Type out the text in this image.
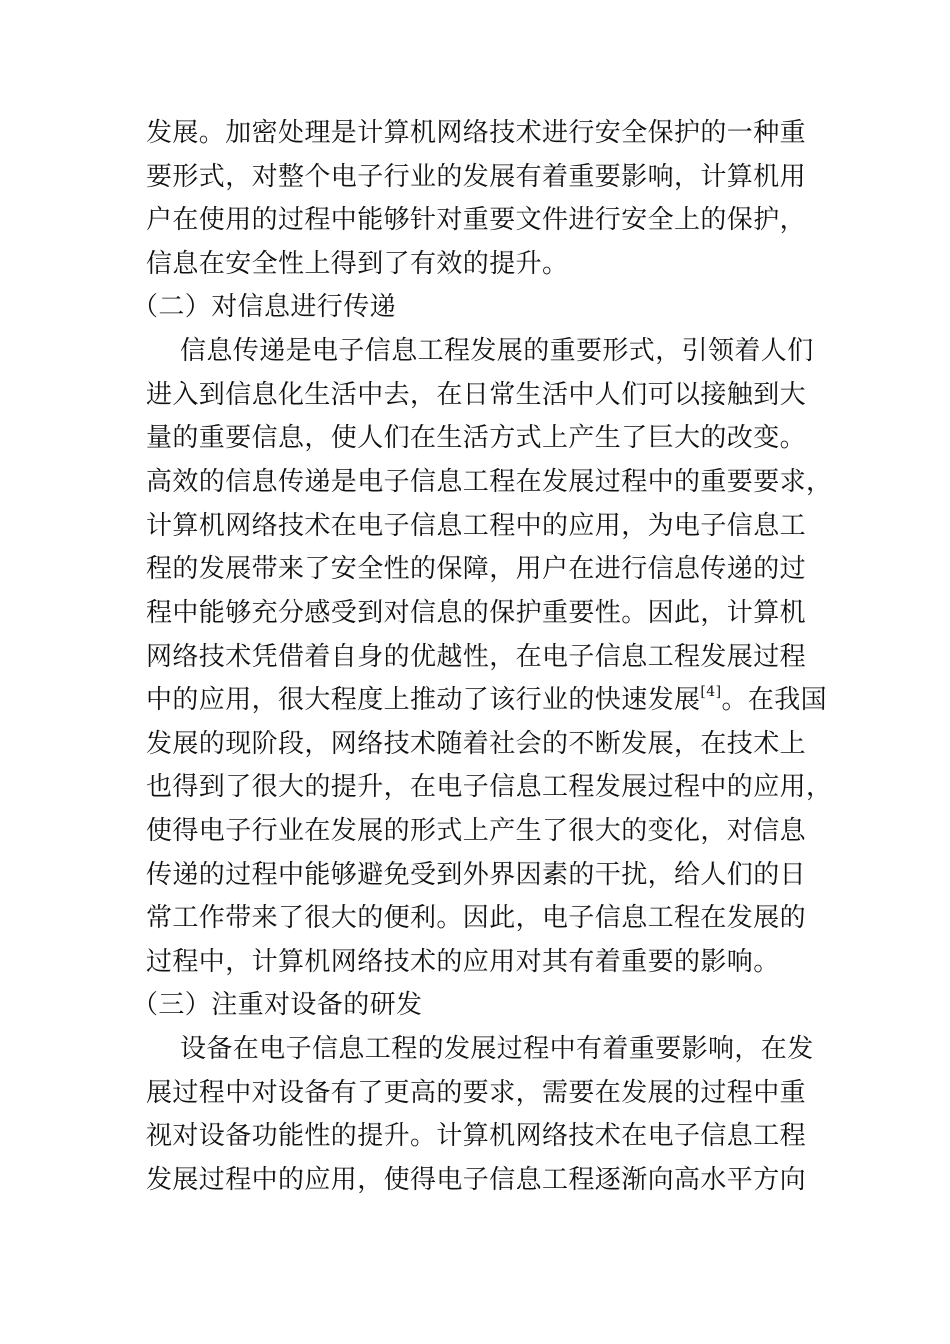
发展。加密处理是计算机网络技术进行安全保护的一种重
要形式，对整个电子行业的发展有着重要影响，计算机用
户在使用的过程中能够针对重要文件进行安全上的保护，
信息在安全性上得到了有效的提升。
（二）对信息进行传递
信息传递是电子信息工程发展的重要形式，引领着人们
进入到信息化生活中去，在日常生活中人们可以接触到大
量的重要信息，使人们在生活方式上产生了巨大的改变。
高效的信息传递是电子信息工程在发展过程中的重要要求，
计算机网络技术在电子信息工程中的应用，为电子信息工
程的发展带来了安全性的保障，用户在进行信息传递的过
程中能够充分感受到对信息的保护重要性。因此，计算机
网络技术凭借着自身的优越性，在电子信息工程发展过程
中的应用，很大程度上推动了该行业的快速发展[4]。在我国
发展的现阶段，网络技术随着社会的不断发展，在技术上
也得到了很大的提升，在电子信息工程发展过程中的应用，
使得电子行业在发展的形式上产生了很大的变化，对信息
传递的过程中能够避免受到外界因素的干扰，给人们的日
常工作带来了很大的便利。因此，电子信息工程在发展的
过程中，计算机网络技术的应用对其有着重要的影响。
（三）注重对设备的研发
设备在电子信息工程的发展过程中有着重要影响，在发
展过程中对设备有了更高的要求，需要在发展的过程中重
视对设备功能性的提升。计算机网络技术在电子信息工程
发展过程中的应用，使得电子信息工程逐渐向高水平方向
